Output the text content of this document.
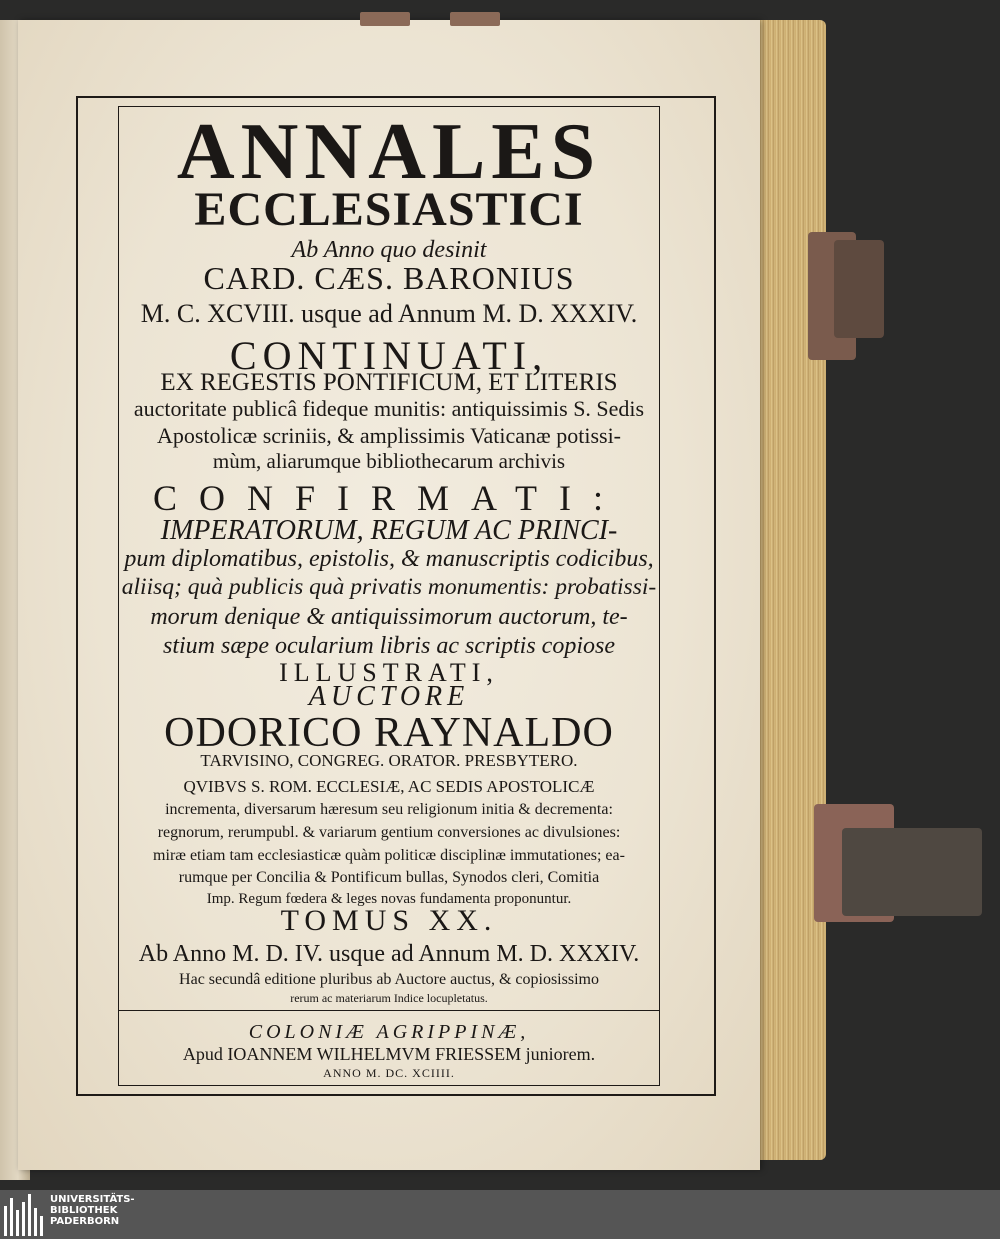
ANNALES
ECCLESIASTICI
Ab Anno quo desinit
CARD. CÆS. BARONIUS
M. C. XCVIII. usque ad Annum M. D. XXXIV.
CONTINUATI,
EX REGESTIS PONTIFICUM, ET LITERIS
auctoritate publicâ fideque munitis: antiquissimis S. Sedis
Apostolicæ scriniis, & amplissimis Vaticanæ potissi-
mùm, aliarumque bibliothecarum archivis
CONFIRMATI:
IMPERATORUM, REGUM AC PRINCI-
pum diplomatibus, epistolis, & manuscriptis codicibus,
aliisq; quà publicis quà privatis monumentis: probatissi-
morum denique & antiquissimorum auctorum, te-
stium sæpe ocularium libris ac scriptis copiose
ILLUSTRATI,
AUCTORE
ODORICO RAYNALDO
TARVISINO, CONGREG. ORATOR. PRESBYTERO.
QVIBVS S. ROM. ECCLESIÆ, AC SEDIS APOSTOLICÆ
incrementa, diversarum hæresum seu religionum initia & decrementa:
regnorum, rerumpubl. & variarum gentium conversiones ac divulsiones:
miræ etiam tam ecclesiasticæ quàm politicæ disciplinæ immutationes; ea-
rumque per Concilia & Pontificum bullas, Synodos cleri, Comitia
Imp. Regum fœdera & leges novas fundamenta proponuntur.
TOMUS XX.
Ab Anno M. D. IV. usque ad Annum M. D. XXXIV.
Hac secundâ editione pluribus ab Auctore auctus, & copiosissimo
rerum ac materiarum Indice locupletatus.
COLONIÆ AGRIPPINÆ,
Apud IOANNEM WILHELMVM FRIESSEM juniorem.
ANNO M. DC. XCIIII.
UNIVERSITÄTS-
BIBLIOTHEK
PADERBORN
